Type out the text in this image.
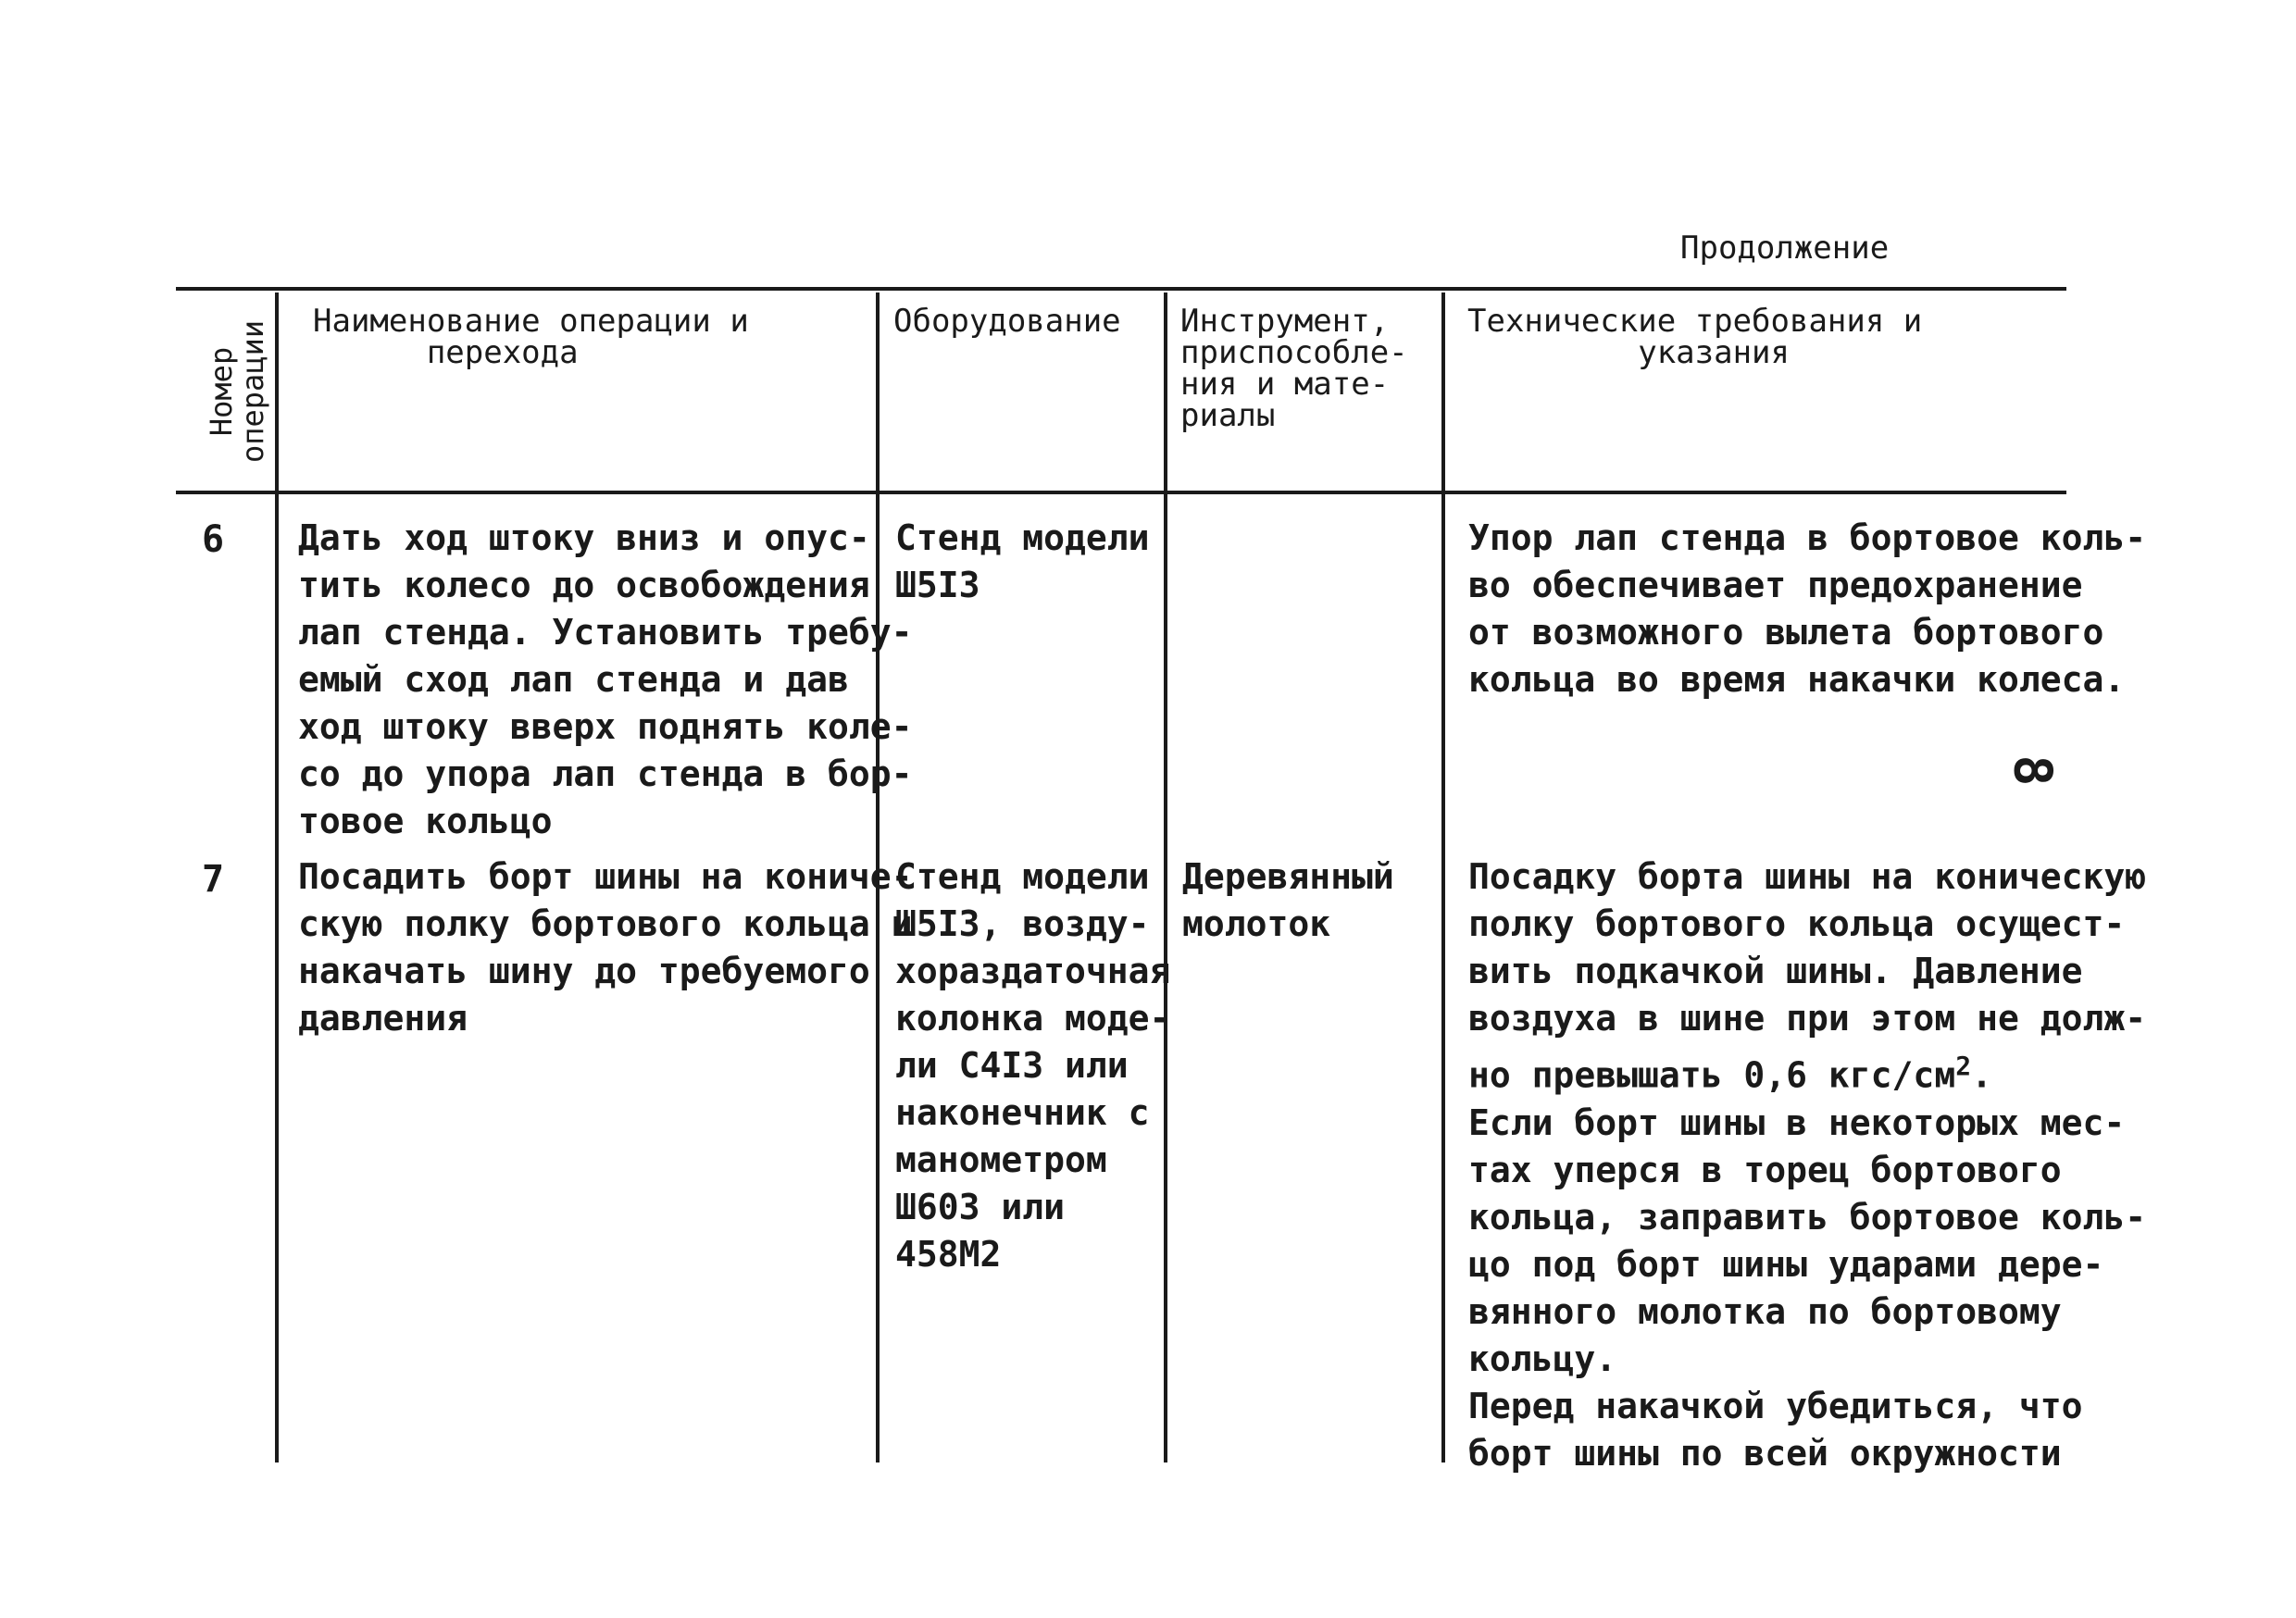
Продолжение
Номер
операции Наименование операции и
перехода
Оборудование Инструмент,
приспособле-
ния и мате-
риалы
Технические требования и
указания
6 Дать ход штоку вниз и опус-
тить колесо до освобождения
лап стенда. Установить требу-
емый сход лап стенда и дав
ход штоку вверх поднять коле-
со до упора лап стенда в бор-
товое кольцо
Стенд модели
Ш5I3
Упор лап стенда в бортовое коль-
во обеспечивает предохранение
от возможного вылета бортового
кольца во время накачки колеса.
8
7 Посадить борт шины на кониче-
скую полку бортового кольца и
накачать шину до требуемого
давления
Стенд модели
Ш5I3, возду-
хораздаточная
колонка моде-
ли С4I3 или
наконечник с
манометром
Ш603 или
458М2
Деревянный
молоток
Посадку борта шины на коническую
полку бортового кольца осущест-
вить подкачкой шины. Давление
воздуха в шине при этом не долж-
но превышать 0,6 кгс/$см^2$.
Если борт шины в некоторых мес-
тах уперся в торец бортового
кольца, заправить бортовое коль-
цо под борт шины ударами дере-
вянного молотка по бортовому
кольцу.
Перед накачкой убедиться, что
борт шины по всей окружности
